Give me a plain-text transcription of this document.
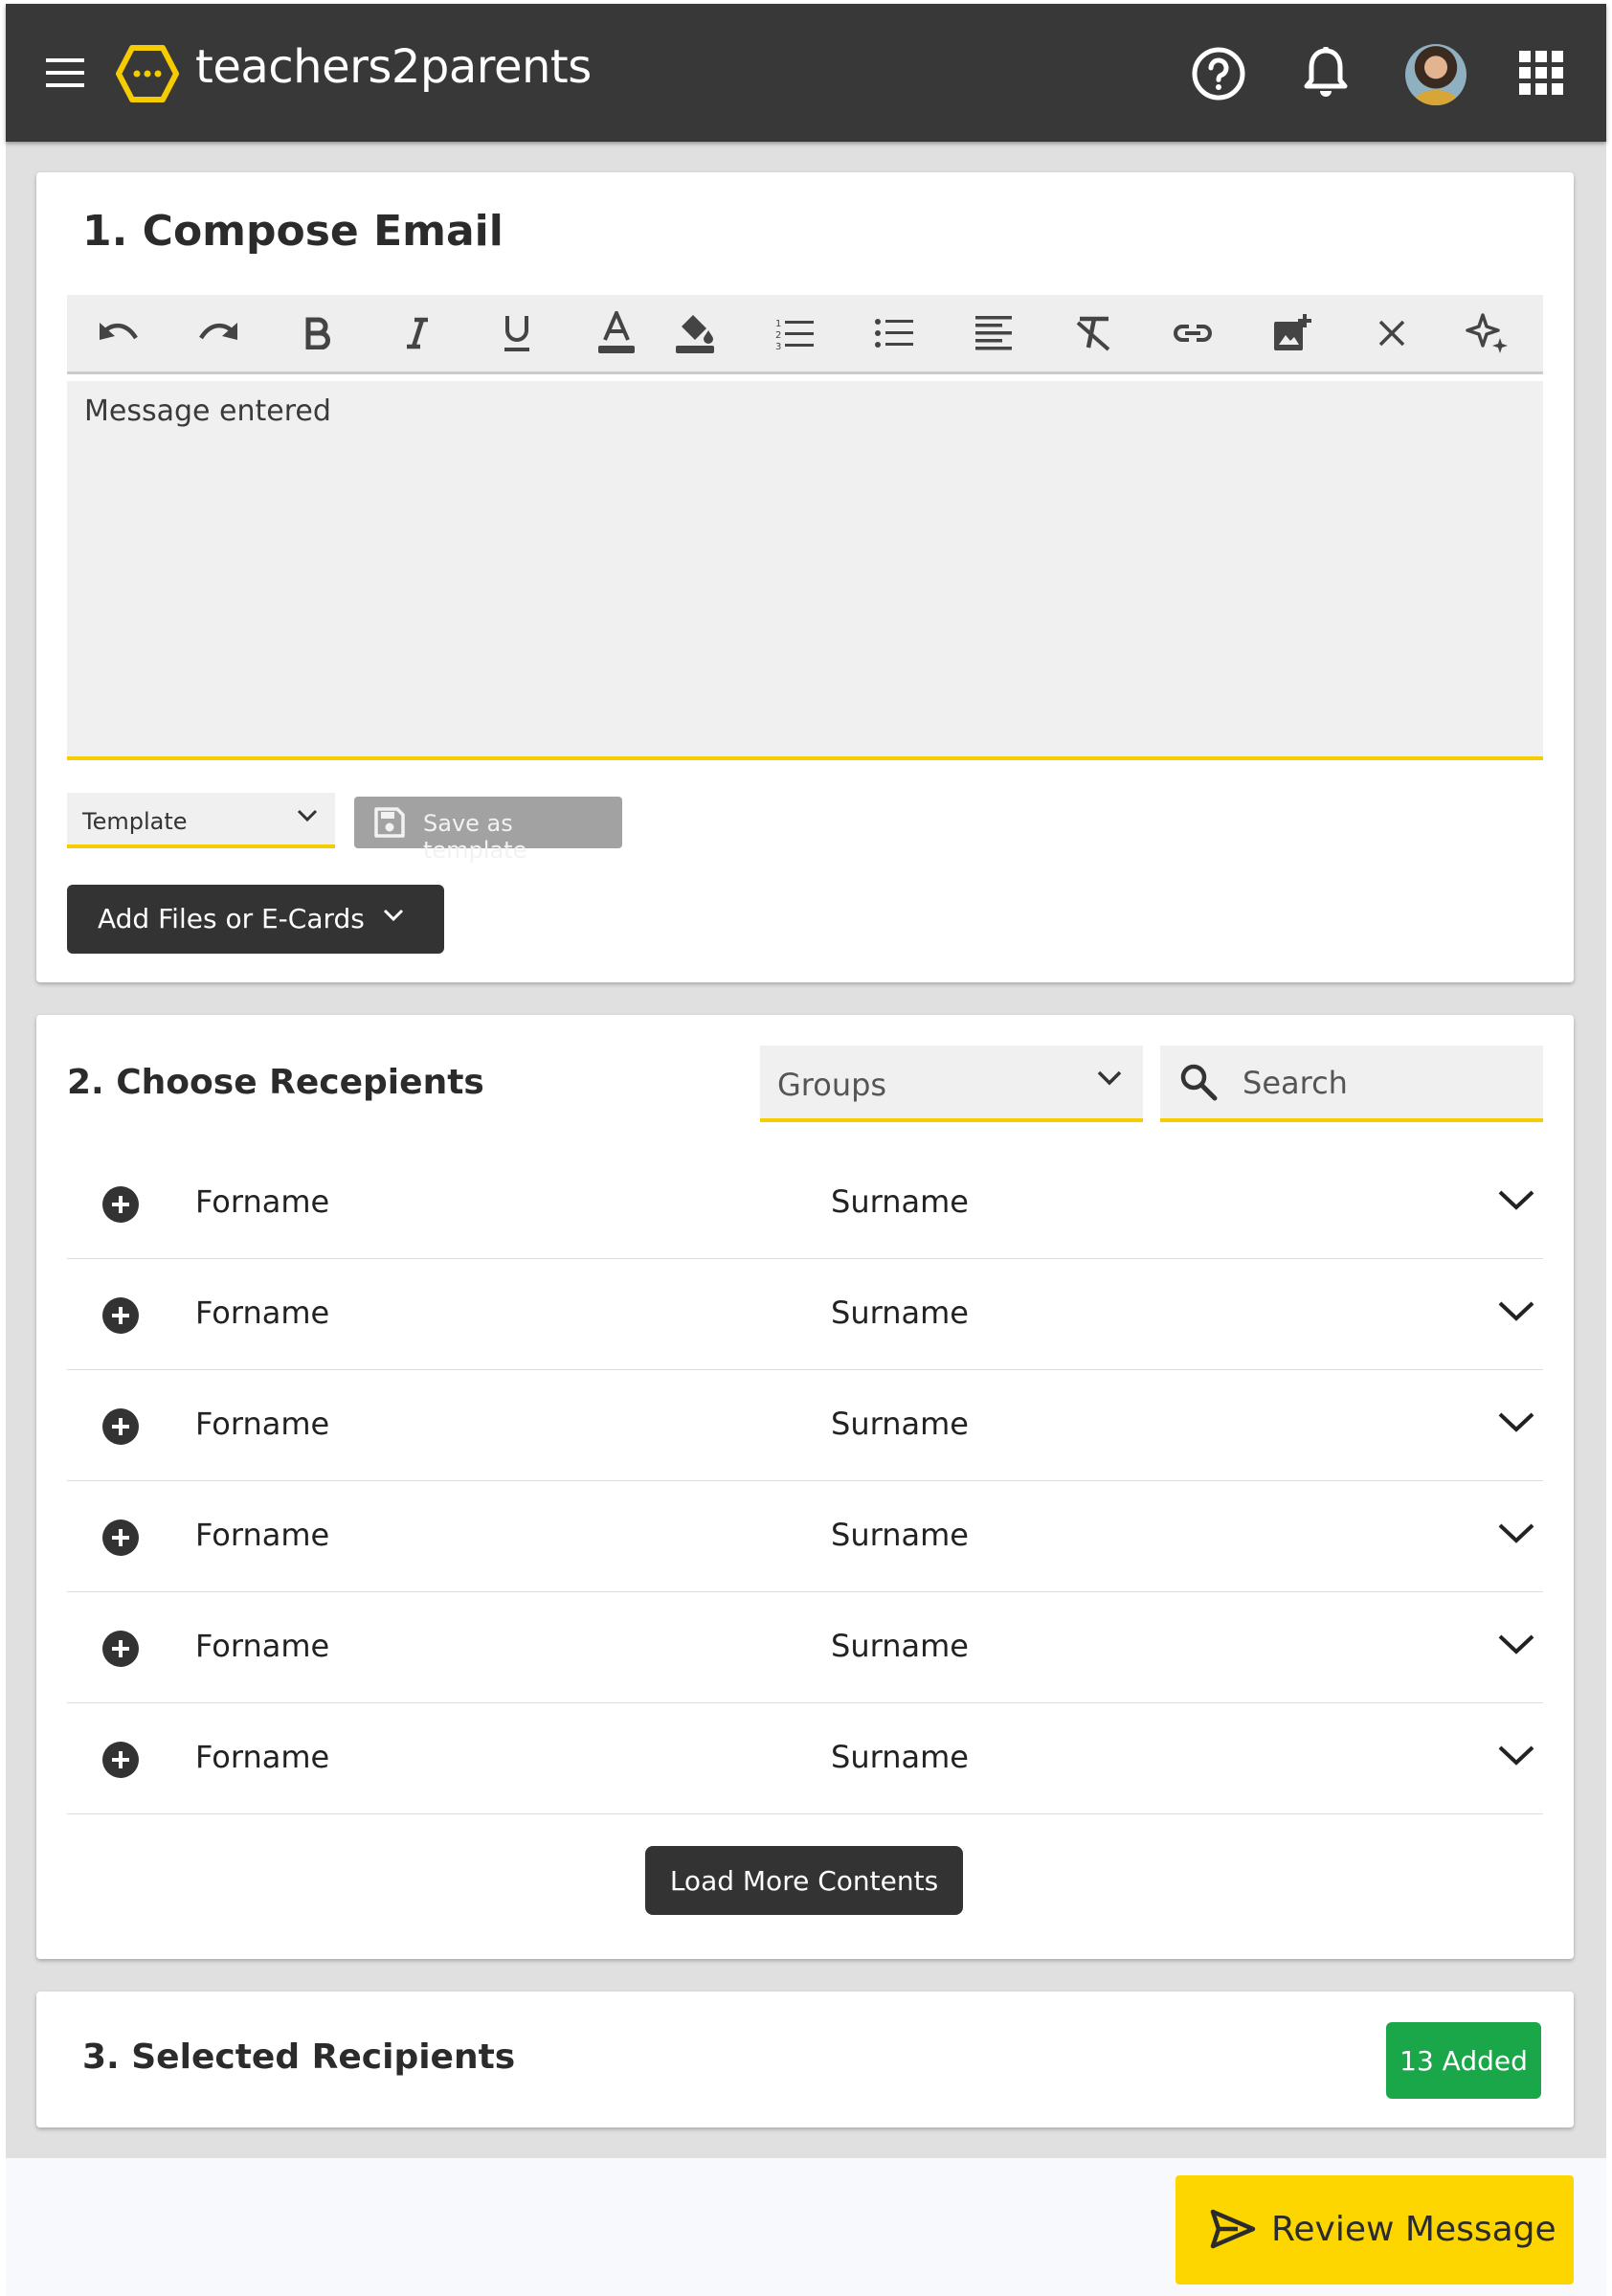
teachers2parents
1. Compose Email
1
2
3
Message entered
Template	Save as template
Add Files or E-Cards
2. Choose Recepients	Groups
Search
Forname	Surname
Forname	Surname
Forname	Surname
Forname	Surname
Forname	Surname
Forname	Surname
Load More Contents
3. Selected Recipients	13 Added
Review Message
